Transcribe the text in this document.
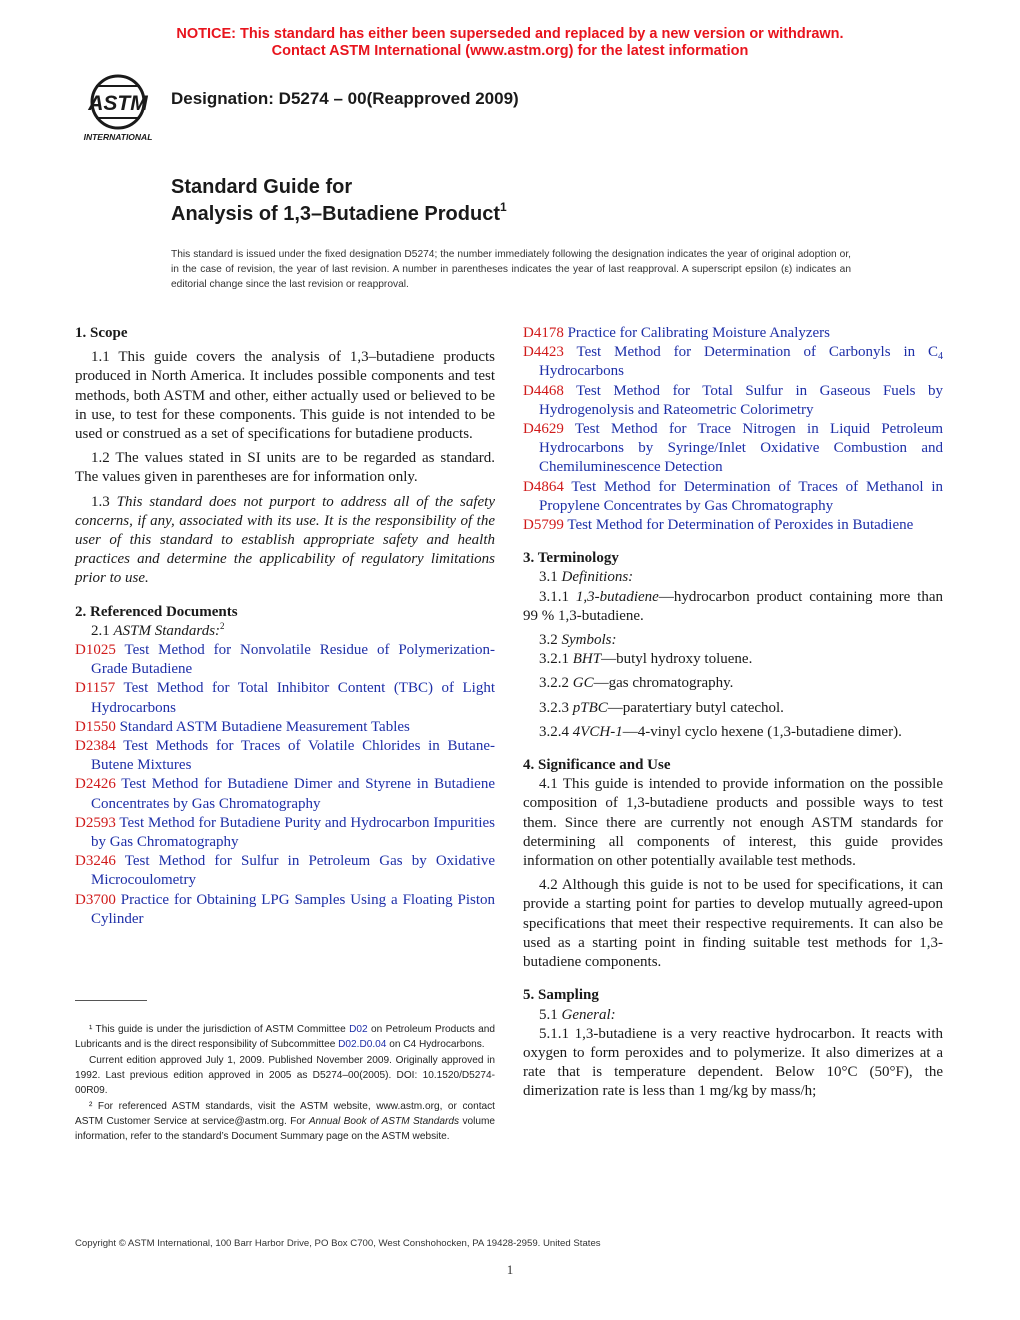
NOTICE: This standard has either been superseded and replaced by a new version or withdrawn.
Contact ASTM International (www.astm.org) for the latest information
ASTM
INTERNATIONAL
Designation: D5274 – 00(Reapproved 2009)
Standard Guide for
Analysis of 1,3–Butadiene Product$^1$
This standard is issued under the fixed designation D5274; the number immediately following the designation indicates the year of original adoption or, in the case of revision, the year of last revision. A number in parentheses indicates the year of last reapproval. A superscript epsilon (ε) indicates an editorial change since the last revision or reapproval.

1. Scope

1.1 This guide covers the analysis of 1,3–butadiene products produced in North America. It includes possible components and test methods, both ASTM and other, either actually used or believed to be in use, to test for these components. This guide is not intended to be used or construed as a set of specifications for butadiene products.

1.2 The values stated in SI units are to be regarded as standard. The values given in parentheses are for information only.

1.3 This standard does not purport to address all of the safety concerns, if any, associated with its use. It is the responsibility of the user of this standard to establish appropriate safety and health practices and determine the applicability of regulatory limitations prior to use.

2. Referenced Documents

2.1 ASTM Standards:$^2$

D1025 Test Method for Nonvolatile Residue of Polymerization-Grade Butadiene

D1157 Test Method for Total Inhibitor Content (TBC) of Light Hydrocarbons

D1550 Standard ASTM Butadiene Measurement Tables

D2384 Test Methods for Traces of Volatile Chlorides in Butane-Butene Mixtures

D2426 Test Method for Butadiene Dimer and Styrene in Butadiene Concentrates by Gas Chromatography

D2593 Test Method for Butadiene Purity and Hydrocarbon Impurities by Gas Chromatography

D3246 Test Method for Sulfur in Petroleum Gas by Oxidative Microcoulometry

D3700 Practice for Obtaining LPG Samples Using a Floating Piston Cylinder

D4178 Practice for Calibrating Moisture Analyzers

D4423 Test Method for Determination of Carbonyls in $C_4$ Hydrocarbons

D4468 Test Method for Total Sulfur in Gaseous Fuels by Hydrogenolysis and Rateometric Colorimetry

D4629 Test Method for Trace Nitrogen in Liquid Petroleum Hydrocarbons by Syringe/Inlet Oxidative Combustion and Chemiluminescence Detection

D4864 Test Method for Determination of Traces of Methanol in Propylene Concentrates by Gas Chromatography

D5799 Test Method for Determination of Peroxides in Butadiene

3. Terminology

3.1 Definitions:

3.1.1 1,3-butadiene—hydrocarbon product containing more than 99 % 1,3-butadiene.

3.2 Symbols:

3.2.1 BHT—butyl hydroxy toluene.

3.2.2 GC—gas chromatography.

3.2.3 pTBC—paratertiary butyl catechol.

3.2.4 4VCH-1—4-vinyl cyclo hexene (1,3-butadiene dimer).

4. Significance and Use

4.1 This guide is intended to provide information on the possible composition of 1,3-butadiene products and possible ways to test them. Since there are currently not enough ASTM standards for determining all components of interest, this guide provides information on other potentially available test methods.

4.2 Although this guide is not to be used for specifications, it can provide a starting point for parties to develop mutually agreed-upon specifications that meet their respective requirements. It can also be used as a starting point in finding suitable test methods for 1,3-butadiene components.

5. Sampling

5.1 General:

5.1.1 1,3-butadiene is a very reactive hydrocarbon. It reacts with oxygen to form peroxides and to polymerize. It also dimerizes at a rate that is temperature dependent. Below 10°C (50°F), the dimerization rate is less than 1 mg/kg by mass/h;

¹ This guide is under the jurisdiction of ASTM Committee D02 on Petroleum Products and Lubricants and is the direct responsibility of Subcommittee D02.D0.04 on C4 Hydrocarbons.

Current edition approved July 1, 2009. Published November 2009. Originally approved in 1992. Last previous edition approved in 2005 as D5274–00(2005). DOI: 10.1520/D5274-00R09.

² For referenced ASTM standards, visit the ASTM website, www.astm.org, or contact ASTM Customer Service at service@astm.org. For Annual Book of ASTM Standards volume information, refer to the standard’s Document Summary page on the ASTM website.

Copyright © ASTM International, 100 Barr Harbor Drive, PO Box C700, West Conshohocken, PA 19428-2959. United States
1
